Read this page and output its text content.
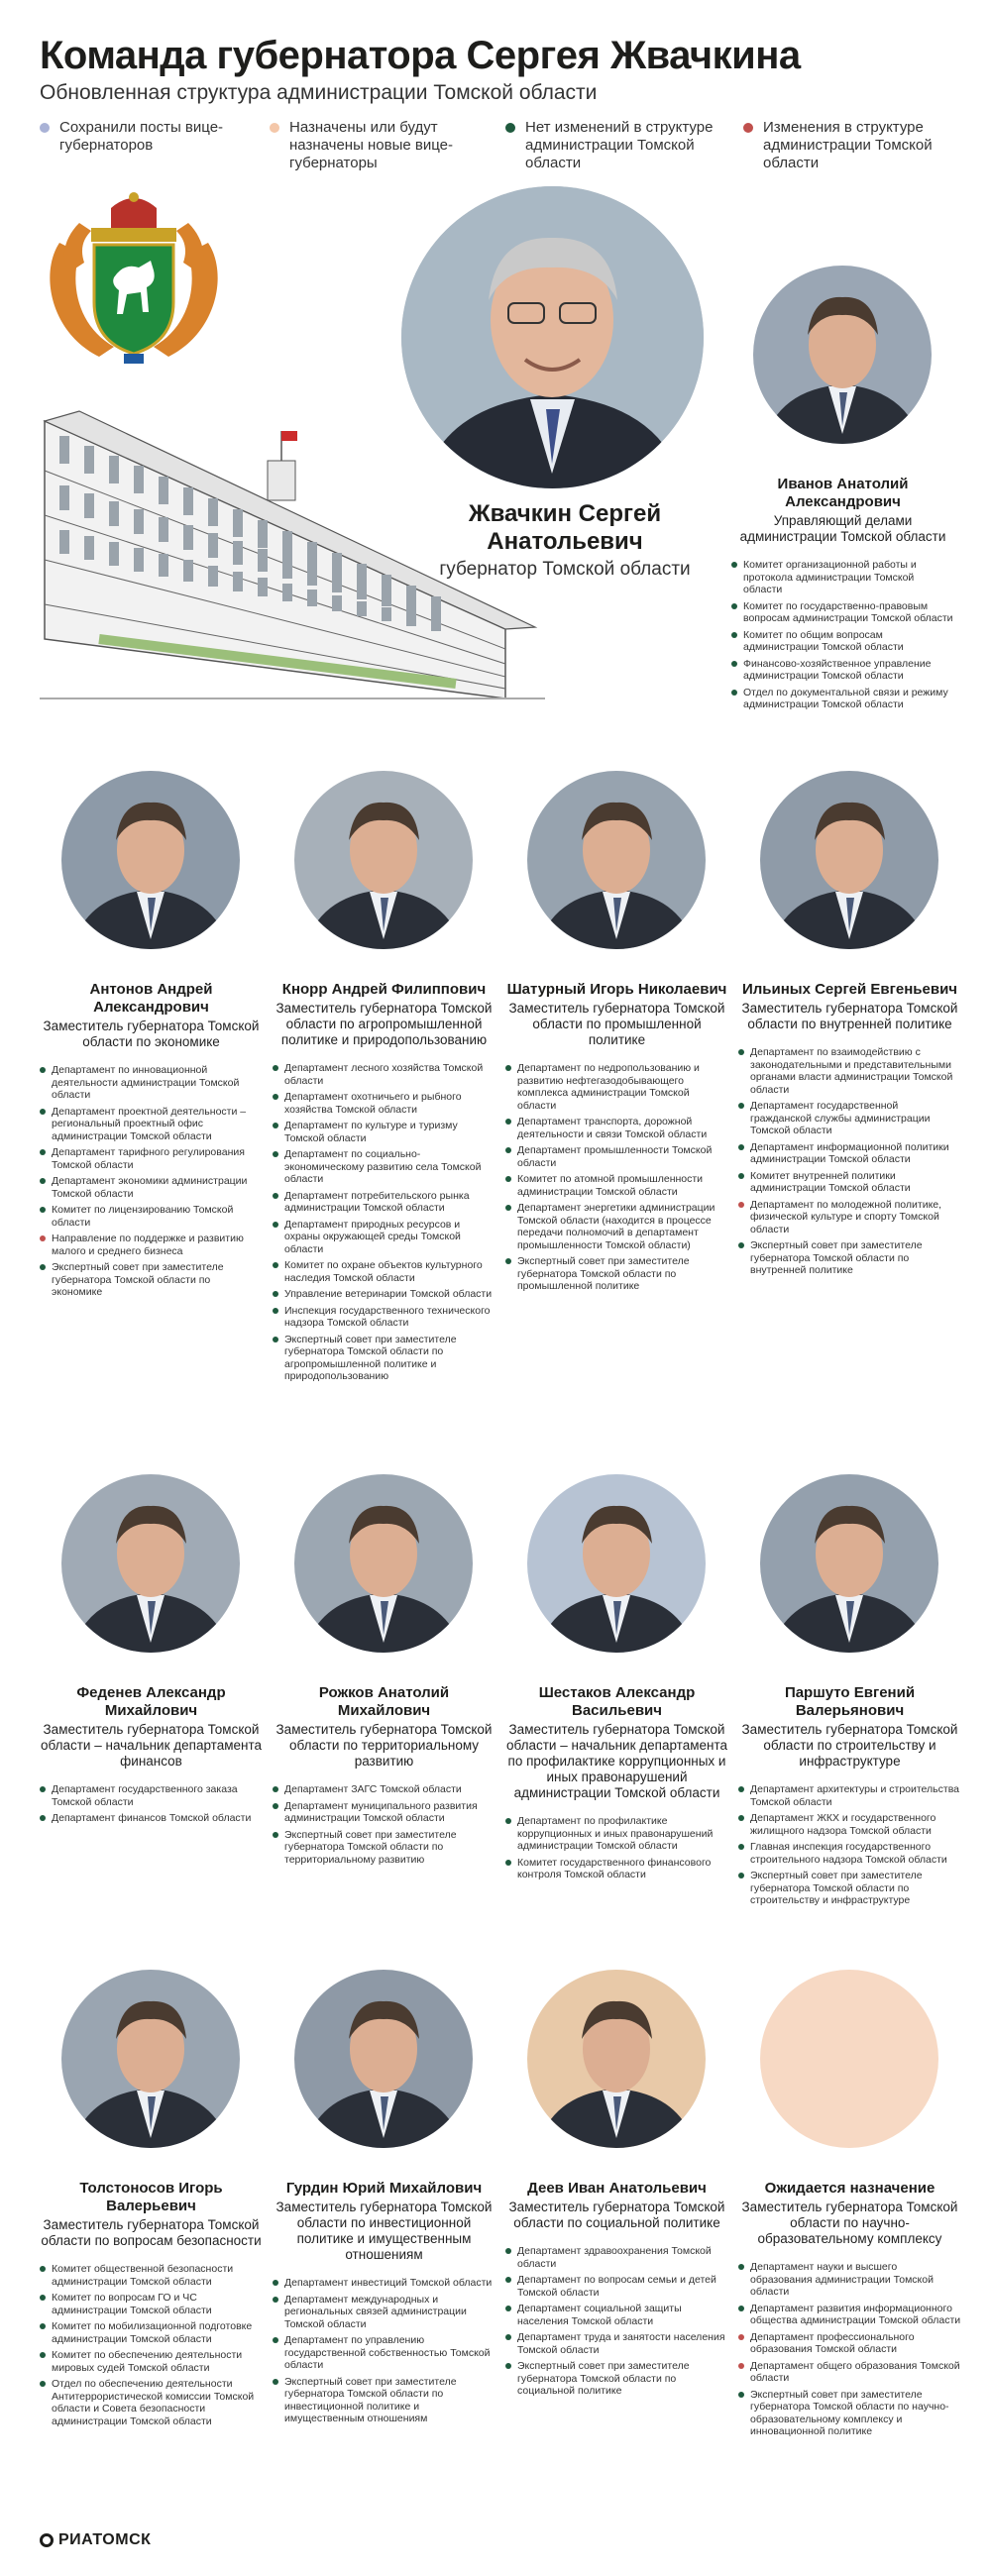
Команда губернатора Сергея Жвачкина
Обновленная структура администрации Томской области
Сохранили посты вице-губернаторов
Назначены или будут назначены новые вице-губернаторы
Нет изменений в структуре администрации Томской области
Изменения в структуре администрации Томской области
Жвачкин Сергей Анатольевич
губернатор Томской области
Иванов Анатолий Александрович
Управляющий делами администрации Томской области
Комитет организационной работы и протокола администрации Томской области
Комитет по государственно-правовым вопросам администрации Томской области
Комитет по общим вопросам администрации Томской области
Финансово-хозяйственное управление администрации Томской области
Отдел по документальной связи и режиму администрации Томской области
Антонов Андрей Александрович
Заместитель губернатора Томской области по экономике
Департамент по инновационной деятельности администрации Томской области
Департамент проектной деятельности – региональный проектный офис администрации Томской области
Департамент тарифного регулирования Томской области
Департамент экономики администрации Томской области
Комитет по лицензированию Томской области
Направление по поддержке и развитию малого и среднего бизнеса
Экспертный совет при заместителе губернатора Томской области по экономике
Кнорр Андрей Филиппович
Заместитель губернатора Томской области по агропромышленной политике и природопользованию
Департамент лесного хозяйства Томской области
Департамент охотничьего и рыбного хозяйства Томской области
Департамент по культуре и туризму Томской области
Департамент по социально-экономическому развитию села Томской области
Департамент потребительского рынка администрации Томской области
Департамент природных ресурсов и охраны окружающей среды Томской области
Комитет по охране объектов культурного наследия Томской области
Управление ветеринарии Томской области
Инспекция государственного технического надзора Томской области
Экспертный совет при заместителе губернатора Томской области по агропромышленной политике и природопользованию
Шатурный Игорь Николаевич
Заместитель губернатора Томской области по промышленной политике
Департамент по недропользованию и развитию нефтегазодобывающего комплекса администрации Томской области
Департамент транспорта, дорожной деятельности и связи Томской области
Департамент промышленности Томской области
Комитет по атомной промышленности администрации Томской области
Департамент энергетики администрации Томской области (находится в процессе передачи полномочий в департамент промышленности Томской области)
Экспертный совет при заместителе губернатора Томской области по промышленной политике
Ильиных Сергей Евгеньевич
Заместитель губернатора Томской области по внутренней политике
Департамент по взаимодействию с законодательными и представительными органами власти администрации Томской области
Департамент государственной гражданской службы администрации Томской области
Департамент информационной политики администрации Томской области
Комитет внутренней политики администрации Томской области
Департамент по молодежной политике, физической культуре и спорту Томской области
Экспертный совет при заместителе губернатора Томской области по внутренней политике
Феденев Александр Михайлович
Заместитель губернатора Томской области – начальник департамента финансов
Департамент государственного заказа Томской области
Департамент финансов Томской области
Рожков Анатолий Михайлович
Заместитель губернатора Томской области по территориальному развитию
Департамент ЗАГС Томской области
Департамент муниципального развития администрации Томской области
Экспертный совет при заместителе губернатора Томской области по территориальному развитию
Шестаков Александр Васильевич
Заместитель губернатора Томской области – начальник департамента по профилактике коррупционных и иных правонарушений администрации Томской области
Департамент по профилактике коррупционных и иных правонарушений администрации Томской области
Комитет государственного финансового контроля Томской области
Паршуто Евгений Валерьянович
Заместитель губернатора Томской области по строительству и инфраструктуре
Департамент архитектуры и строительства Томской области
Департамент ЖКХ и государственного жилищного надзора Томской области
Главная инспекция государственного строительного надзора Томской области
Экспертный совет при заместителе губернатора Томской области по строительству и инфраструктуре
Толстоносов Игорь Валерьевич
Заместитель губернатора Томской области по вопросам безопасности
Комитет общественной безопасности администрации Томской области
Комитет по вопросам ГО и ЧС администрации Томской области
Комитет по мобилизационной подготовке администрации Томской области
Комитет по обеспечению деятельности мировых судей Томской области
Отдел по обеспечению деятельности Антитеррористической комиссии Томской области и Совета безопасности администрации Томской области
Гурдин Юрий Михайлович
Заместитель губернатора Томской области по инвестиционной политике и имущественным отношениям
Департамент инвестиций Томской области
Департамент международных и региональных связей администрации Томской области
Департамент по управлению государственной собственностью Томской области
Экспертный совет при заместителе губернатора Томской области по инвестиционной политике и имущественным отношениям
Деев Иван Анатольевич
Заместитель губернатора Томской области по социальной политике
Департамент здравоохранения Томской области
Департамент по вопросам семьи и детей Томской области
Департамент социальной защиты населения Томской области
Департамент труда и занятости населения Томской области
Экспертный совет при заместителе губернатора Томской области по социальной политике
Ожидается назначение
Заместитель губернатора Томской области по научно-образовательному комплексу
Департамент науки и высшего образования администрации Томской области
Департамент развития информационного общества администрации Томской области
Департамент профессионального образования Томской области
Департамент общего образования Томской области
Экспертный совет при заместителе губернатора Томской области по научно-образовательному комплексу и инновационной политике
РИАТОМСК
